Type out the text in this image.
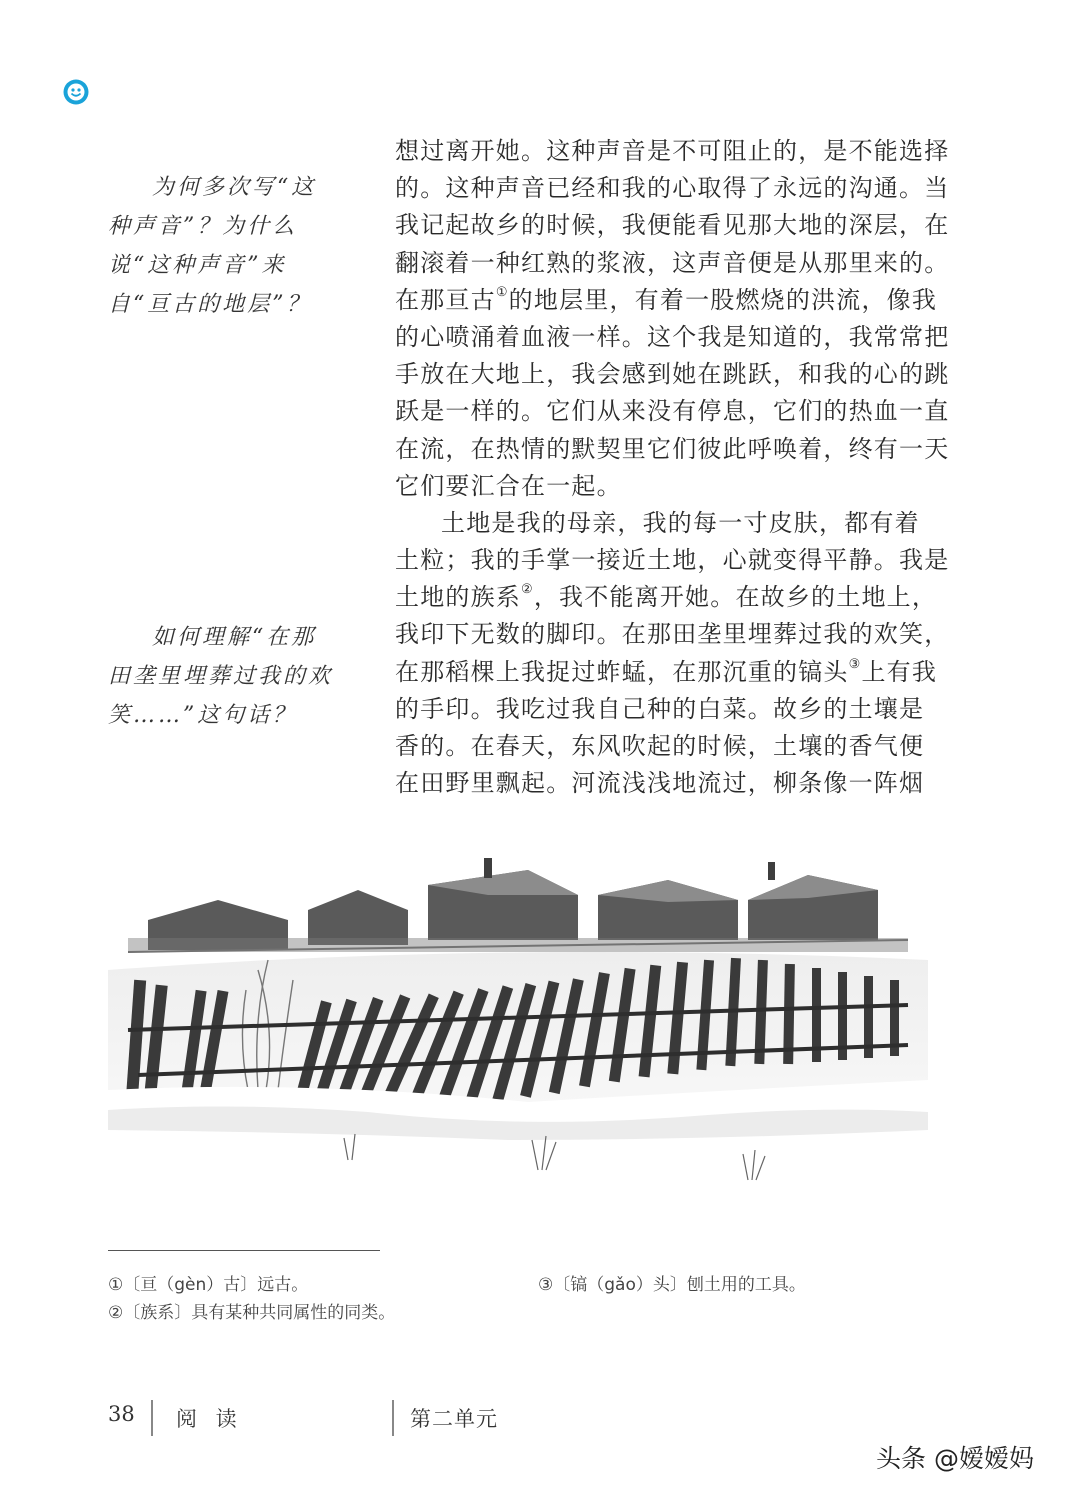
为何多次写“这种声音”？为什么说“这种声音”来自“亘古的地层”？
如何理解“在那田垄里埋葬过我的欢笑……”这句话？
想过离开她。这种声音是不可阻止的，是不能选择
的。这种声音已经和我的心取得了永远的沟通。当
我记起故乡的时候，我便能看见那大地的深层，在
翻滚着一种红熟的浆液，这声音便是从那里来的。
在那亘古①的地层里，有着一股燃烧的洪流，像我
的心喷涌着血液一样。这个我是知道的，我常常把
手放在大地上，我会感到她在跳跃，和我的心的跳
跃是一样的。它们从来没有停息，它们的热血一直
在流，在热情的默契里它们彼此呼唤着，终有一天
它们要汇合在一起。
土地是我的母亲，我的每一寸皮肤，都有着
土粒；我的手掌一接近土地，心就变得平静。我是
土地的族系②，我不能离开她。在故乡的土地上，
我印下无数的脚印。在那田垄里埋葬过我的欢笑，
在那稻棵上我捉过蚱蜢，在那沉重的镐头③上有我
的手印。我吃过我自己种的白菜。故乡的土壤是
香的。在春天，东风吹起的时候，土壤的香气便
在田野里飘起。河流浅浅地流过，柳条像一阵烟
①〔亘（gèn）古〕远古。
②〔族系〕具有某种共同属性的同类。
③〔镐（gǎo）头〕刨土用的工具。
38 阅 读	第二单元
头条 @嫒嫒妈
